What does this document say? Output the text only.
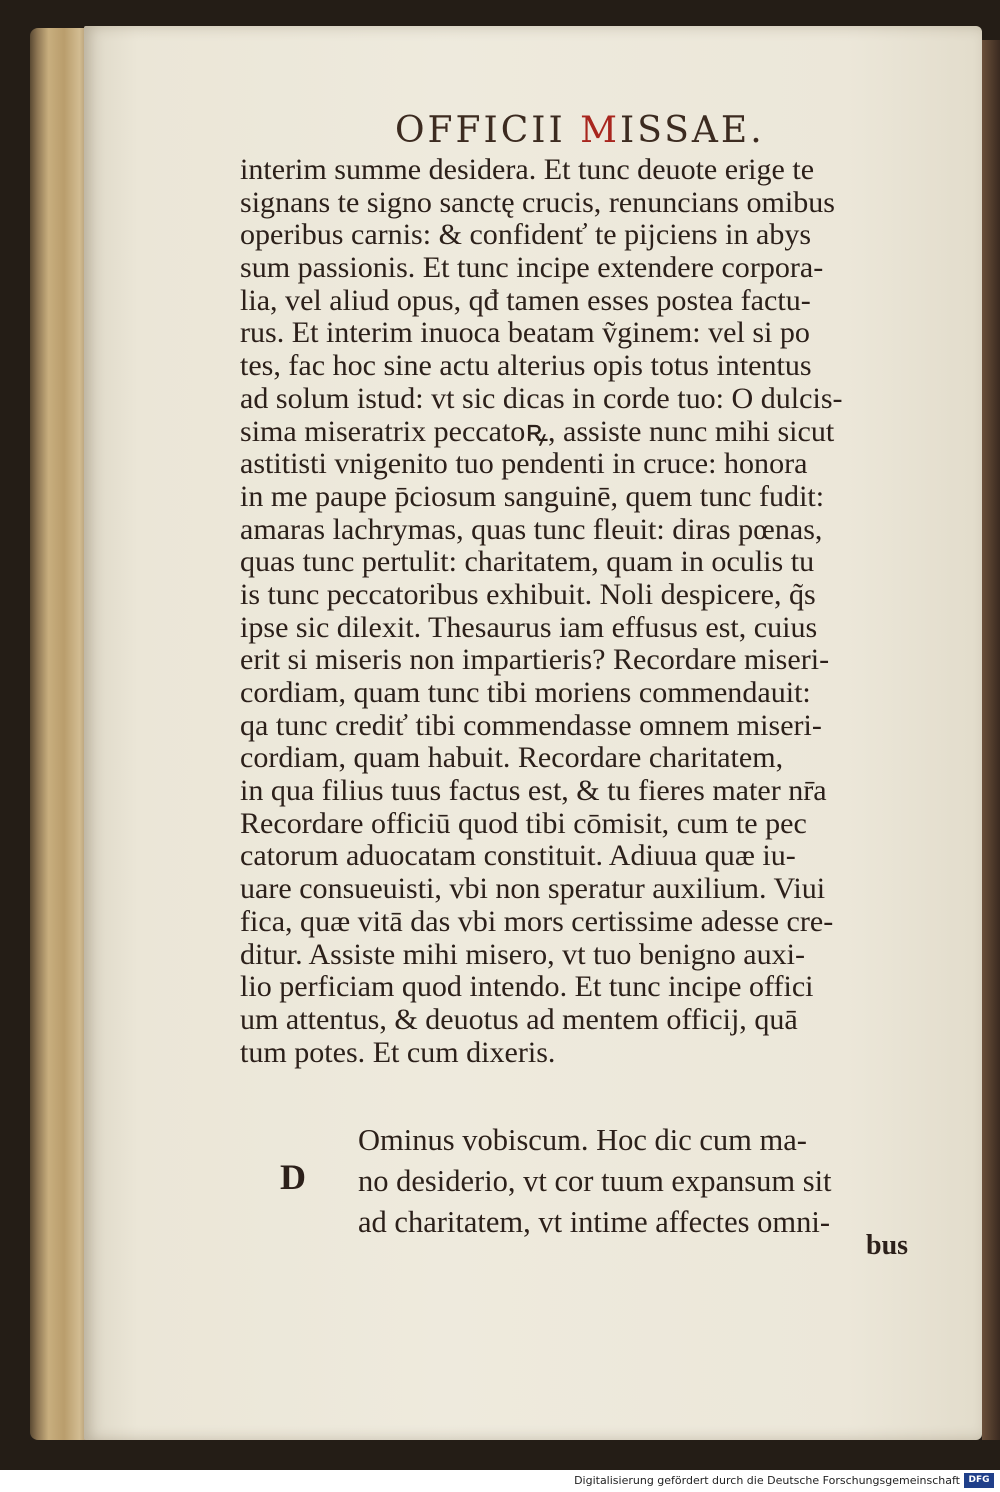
OFFICII MISSAE.
interim summe desidera. Et tunc deuote erige te
signans te signo sanctę crucis, renuncians omibus
operibus carnis: & confidenť te pijciens in abys
sum passionis. Et tunc incipe extendere corpora-
lia, vel aliud opus, qđ tamen esses postea factu-
rus. Et interim inuoca beatam ṽginem: vel si po
tes, fac hoc sine actu alterius opis totus intentus
ad solum istud: vt sic dicas in corde tuo: O dulcis-
sima miseratrix peccatoꝶ, assiste nunc mihi sicut
astitisti vnigenito tuo pendenti in cruce: honora
in me paupe p̄ciosum sanguinē, quem tunc fudit:
amaras lachrymas, quas tunc fleuit: diras pœnas,
quas tunc pertulit: charitatem, quam in oculis tu
is tunc peccatoribus exhibuit. Noli despicere, q̃s
ipse sic dilexit. Thesaurus iam effusus est, cuius
erit si miseris non impartieris? Recordare miseri-
cordiam, quam tunc tibi moriens commendauit:
qa tunc crediť tibi commendasse omnem miseri-
cordiam, quam habuit. Recordare charitatem,
in qua filius tuus factus est, & tu fieres mater nr̄a
Recordare officiū quod tibi cōmisit, cum te pec
catorum aduocatam constituit. Adiuua quæ iu-
uare consueuisti, vbi non speratur auxilium. Viui
fica, quæ vitā das vbi mors certissime adesse cre-
ditur. Assiste mihi misero, vt tuo benigno auxi-
lio perficiam quod intendo. Et tunc incipe offici
um attentus, & deuotus ad mentem officij, quā
tum potes. Et cum dixeris.
D
Ominus vobiscum. Hoc dic cum ma-
no desiderio, vt cor tuum expansum sit
ad charitatem, vt intime affectes omni-
bus
Digitalisierung gefördert durch die Deutsche Forschungsgemeinschaft DFG
